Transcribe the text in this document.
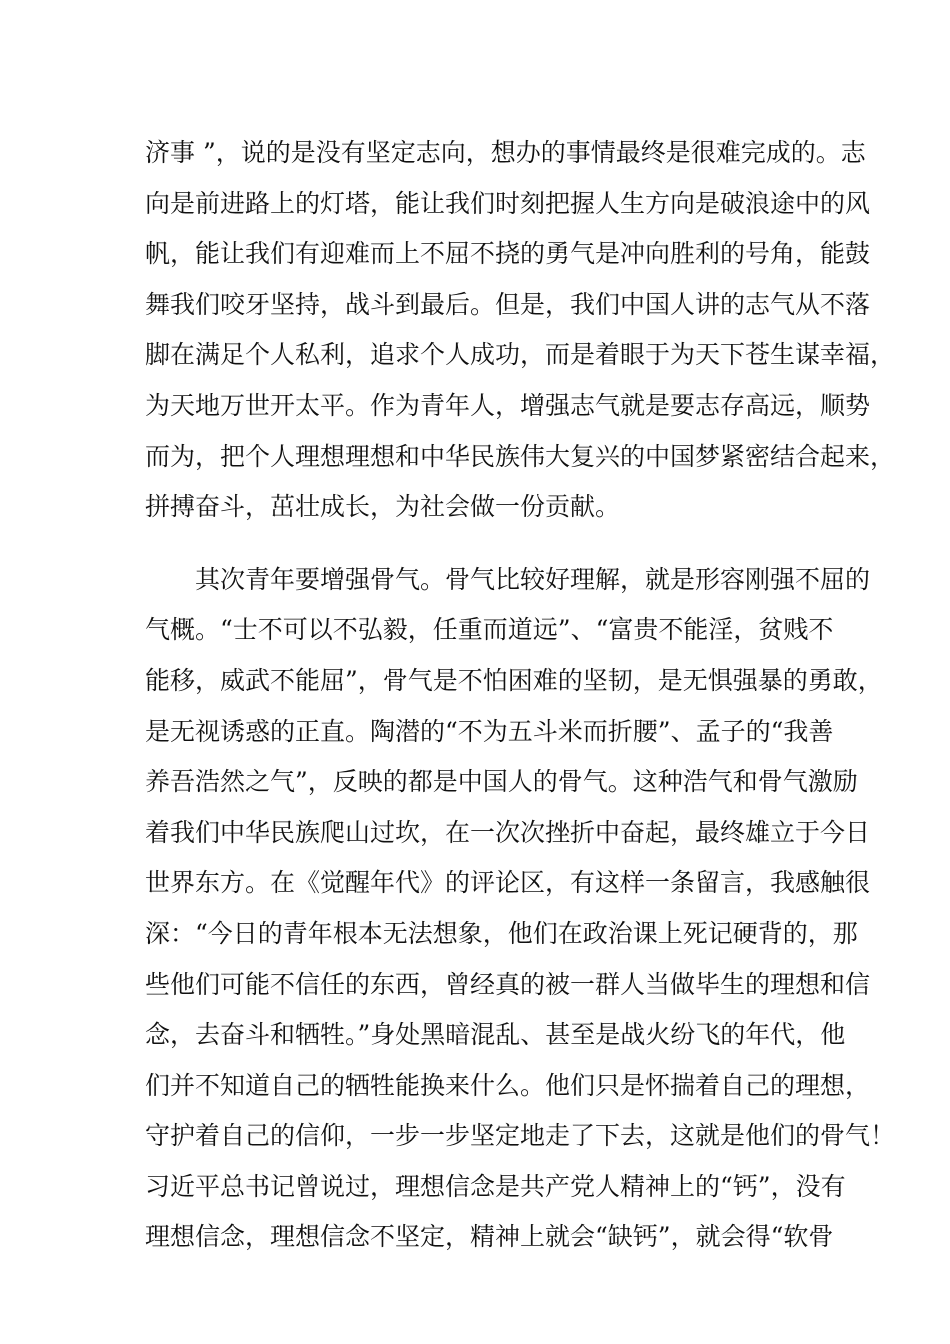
济事 ”，说的是没有坚定志向，想办的事情最终是很难完成的。志
向是前进路上的灯塔，能让我们时刻把握人生方向是破浪途中的风
帆，能让我们有迎难而上不屈不挠的勇气是冲向胜利的号角，能鼓
舞我们咬牙坚持，战斗到最后。但是，我们中国人讲的志气从不落
脚在满足个人私利，追求个人成功，而是着眼于为天下苍生谋幸福，
为天地万世开太平。作为青年人，增强志气就是要志存高远，顺势
而为，把个人理想理想和中华民族伟大复兴的中国梦紧密结合起来，
拼搏奋斗，茁壮成长，为社会做一份贡献。
其次青年要增强骨气。骨气比较好理解，就是形容刚强不屈的
气概。“士不可以不弘毅，任重而道远”、“富贵不能淫，贫贱不
能移，威武不能屈”，骨气是不怕困难的坚韧，是无惧强暴的勇敢，
是无视诱惑的正直。陶潜的“不为五斗米而折腰”、孟子的“我善
养吾浩然之气”，反映的都是中国人的骨气。这种浩气和骨气激励
着我们中华民族爬山过坎，在一次次挫折中奋起，最终雄立于今日
世界东方。在《觉醒年代》的评论区，有这样一条留言，我感触很
深：“今日的青年根本无法想象，他们在政治课上死记硬背的，那
些他们可能不信任的东西，曾经真的被一群人当做毕生的理想和信
念，去奋斗和牺牲。”身处黑暗混乱、甚至是战火纷飞的年代，他
们并不知道自己的牺牲能换来什么。他们只是怀揣着自己的理想，
守护着自己的信仰，一步一步坚定地走了下去，这就是他们的骨气！
习近平总书记曾说过，理想信念是共产党人精神上的“钙”，没有
理想信念，理想信念不坚定，精神上就会“缺钙”，就会得“软骨
